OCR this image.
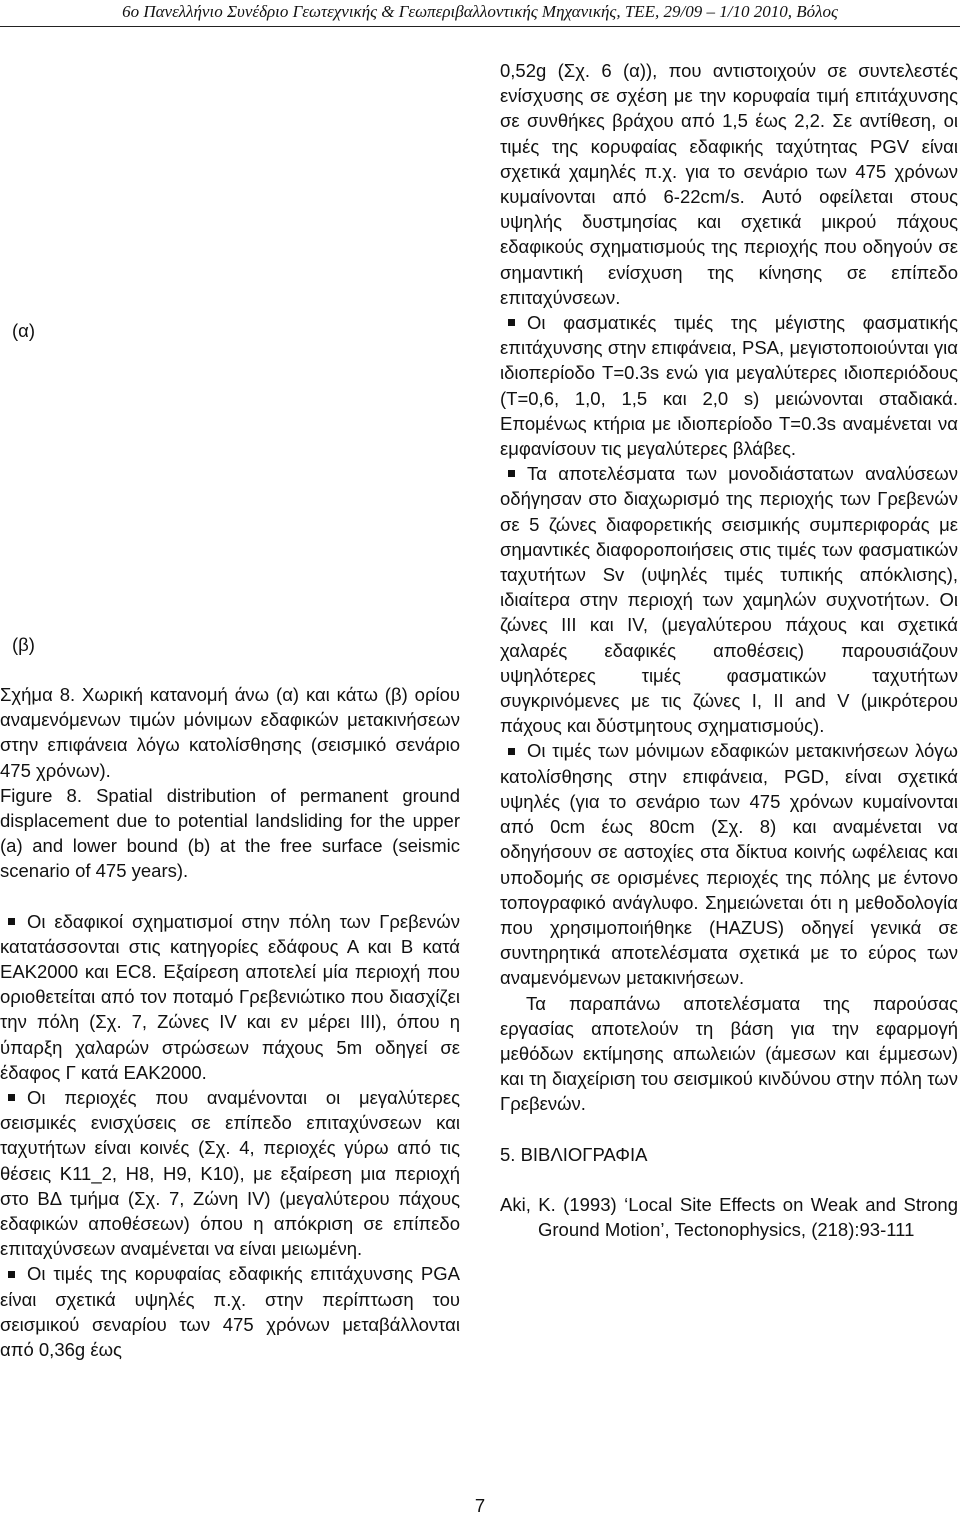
6ο Πανελλήνιο Συνέδριο Γεωτεχνικής & Γεωπεριβαλλοντικής Μηχανικής, ΤΕΕ, 29/09 – 1/10 2010, Βόλος
(α)
(β)

Σχήμα 8. Χωρική κατανομή άνω (α) και κάτω (β) ορίου αναμενόμενων τιμών μόνιμων εδαφικών μετακινήσεων στην επιφάνεια λόγω κατολίσθησης (σεισμικό σενάριο 475 χρόνων).

Figure 8. Spatial distribution of permanent ground displacement due to potential landsliding for the upper (a) and lower bound (b) at the free surface (seismic scenario of 475 years).

Οι εδαφικοί σχηματισμοί στην πόλη των Γρεβενών κατατάσσονται στις κατηγορίες εδάφους Α και Β κατά ΕΑΚ2000 και EC8. Εξαίρεση αποτελεί μία περιοχή που οριοθετείται από τον ποταμό Γρεβενιώτικο που διασχίζει την πόλη (Σχ. 7, Ζώνες IV και εν μέρει III), όπου η ύπαρξη χαλαρών στρώσεων πάχους 5m οδηγεί σε έδαφος Γ κατά ΕΑΚ2000.

Οι περιοχές που αναμένονται οι μεγαλύτερες σεισμικές ενισχύσεις σε επίπεδο επιταχύνσεων και ταχυτήτων είναι κοινές (Σχ. 4, περιοχές γύρω από τις θέσεις Κ11_2, Η8, Η9, Κ10), με εξαίρεση μια περιοχή στο ΒΔ τμήμα (Σχ. 7, Ζώνη IV) (μεγαλύτερου πάχους εδαφικών αποθέσεων) όπου η απόκριση σε επίπεδο επιταχύνσεων αναμένεται να είναι μειωμένη.

Οι τιμές της κορυφαίας εδαφικής επιτάχυνσης PGA είναι σχετικά υψηλές π.χ. στην περίπτωση του σεισμικού σεναρίου των 475 χρόνων μεταβάλλονται από 0,36g έως

0,52g (Σχ. 6 (α)), που αντιστοιχούν σε συντελεστές ενίσχυσης σε σχέση με την κορυφαία τιμή επιτάχυνσης σε συνθήκες βράχου από 1,5 έως 2,2. Σε αντίθεση, οι τιμές της κορυφαίας εδαφικής ταχύτητας PGV είναι σχετικά χαμηλές π.χ. για το σενάριο των 475 χρόνων κυμαίνονται από 6-22cm/s. Αυτό οφείλεται στους υψηλής δυστμησίας και σχετικά μικρού πάχους εδαφικούς σχηματισμούς της περιοχής που οδηγούν σε σημαντική ενίσχυση της κίνησης σε επίπεδο επιταχύνσεων.

Οι φασματικές τιμές της μέγιστης φασματικής επιτάχυνσης στην επιφάνεια, PSA, μεγιστοποιούνται για ιδιοπερίοδο T=0.3s ενώ για μεγαλύτερες ιδιοπεριόδους (T=0,6, 1,0, 1,5 και 2,0 s) μειώνονται σταδιακά. Επομένως κτήρια με ιδιοπερίοδο T=0.3s αναμένεται να εμφανίσουν τις μεγαλύτερες βλάβες.

Τα αποτελέσματα των μονοδιάστατων αναλύσεων οδήγησαν στο διαχωρισμό της περιοχής των Γρεβενών σε 5 ζώνες διαφορετικής σεισμικής συμπεριφοράς με σημαντικές διαφοροποιήσεις στις τιμές των φασματικών ταχυτήτων Sv (υψηλές τιμές τυπικής απόκλισης), ιδιαίτερα στην περιοχή των χαμηλών συχνοτήτων. Οι ζώνες III και IV, (μεγαλύτερου πάχους και σχετικά χαλαρές εδαφικές αποθέσεις) παρουσιάζουν υψηλότερες τιμές φασματικών ταχυτήτων συγκρινόμενες με τις ζώνες I, II and V (μικρότερου πάχους και δύστμητους σχηματισμούς).

Οι τιμές των μόνιμων εδαφικών μετακινήσεων λόγω κατολίσθησης στην επιφάνεια, PGD, είναι σχετικά υψηλές (για το σενάριο των 475 χρόνων κυμαίνονται από 0cm έως 80cm (Σχ. 8) και αναμένεται να οδηγήσουν σε αστοχίες στα δίκτυα κοινής ωφέλειας και υποδομής σε ορισμένες περιοχές της πόλης με έντονο τοπογραφικό ανάγλυφο. Σημειώνεται ότι η μεθοδολογία που χρησιμοποιήθηκε (HAZUS) οδηγεί γενικά σε συντηρητικά αποτελέσματα σχετικά με το εύρος των αναμενόμενων μετακινήσεων.

Τα παραπάνω αποτελέσματα της παρούσας εργασίας αποτελούν τη βάση για την εφαρμογή μεθόδων εκτίμησης απωλειών (άμεσων και έμμεσων) και τη διαχείριση του σεισμικού κινδύνου στην πόλη των Γρεβενών.

5. ΒΙΒΛΙΟΓΡΑΦΙΑ

Aki, K. (1993) ‘Local Site Effects on Weak and Strong Ground Motion’, Tectonophysics, (218):93-111

7
